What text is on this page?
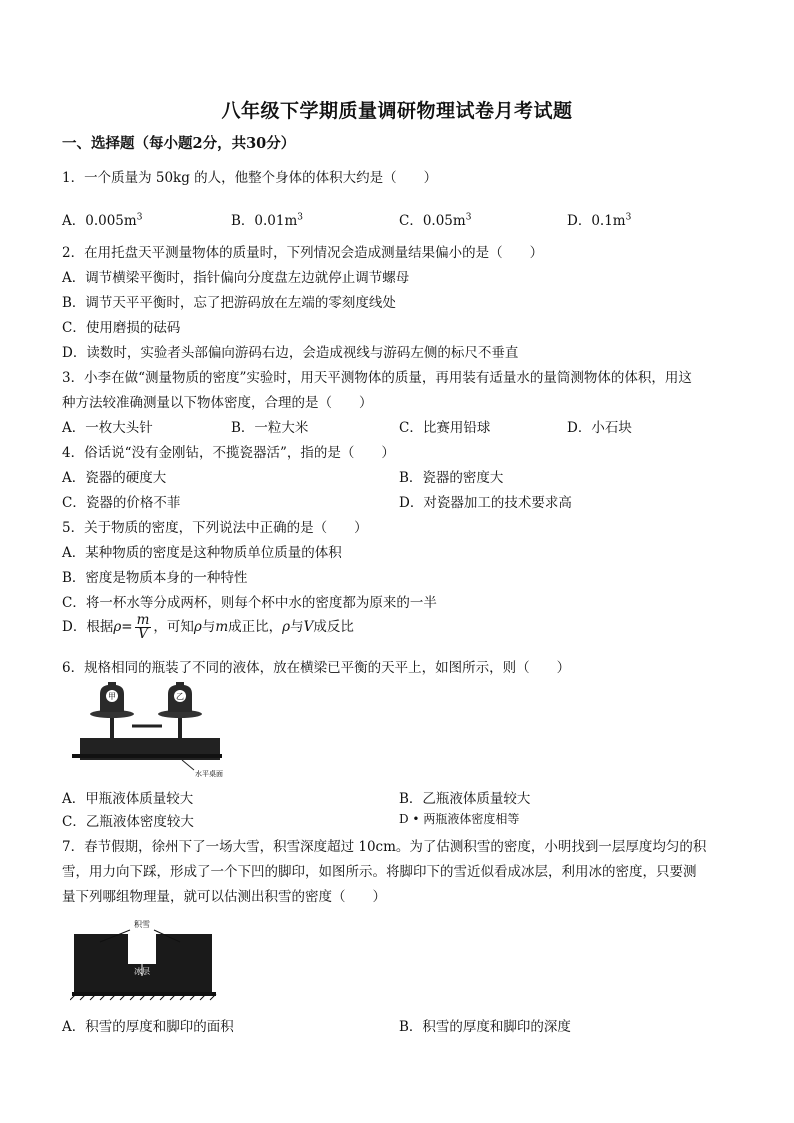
八年级下学期质量调研物理试卷月考试题
一、选择题（每小题2分，共30分）
1．一个质量为 50kg 的人，他整个身体的体积大约是（　　）
A．$0.005m^3$	B．$0.01m^3$	C．$0.05m^3$	D．$0.1m^3$
2．在用托盘天平测量物体的质量时，下列情况会造成测量结果偏小的是（　　）
A．调节横梁平衡时，指针偏向分度盘左边就停止调节螺母
B．调节天平平衡时，忘了把游码放在左端的零刻度线处
C．使用磨损的砝码
D．读数时，实验者头部偏向游码右边，会造成视线与游码左侧的标尺不垂直
3．小李在做“测量物质的密度”实验时，用天平测物体的质量，再用装有适量水的量筒测物体的体积，用这
种方法较准确测量以下物体密度，合理的是（　　）
A．一枚大头针	B．一粒大米	C．比赛用铅球	D．小石块
4．俗话说“没有金刚钻，不揽瓷器活”，指的是（　　）
A．瓷器的硬度大	B．瓷器的密度大
C．瓷器的价格不菲	D．对瓷器加工的技术要求高
5．关于物质的密度，下列说法中正确的是（　　）
A．某种物质的密度是这种物质单位质量的体积
B．密度是物质本身的一种特性
C．将一杯水等分成两杯，则每个杯中水的密度都为原来的一半
D．根据$\rho= \frac{m}{V}$ ，可知ρ与m成正比，ρ与V成反比
6．规格相同的瓶装了不同的液体，放在横梁已平衡的天平上，如图所示，则（　　）
甲	乙
水平桌面
A．甲瓶液体质量较大	B．乙瓶液体质量较大
C．乙瓶液体密度较大	D • 两瓶液体密度相等
7．春节假期，徐州下了一场大雪，积雪深度超过 10cm。为了估测积雪的密度，小明找到一层厚度均匀的积
雪，用力向下踩，形成了一个下凹的脚印，如图所示。将脚印下的雪近似看成冰层，利用冰的密度，只要测
量下列哪组物理量，就可以估测出积雪的密度（　　）
积雪
冰层
A．积雪的厚度和脚印的面积	B．积雪的厚度和脚印的深度
